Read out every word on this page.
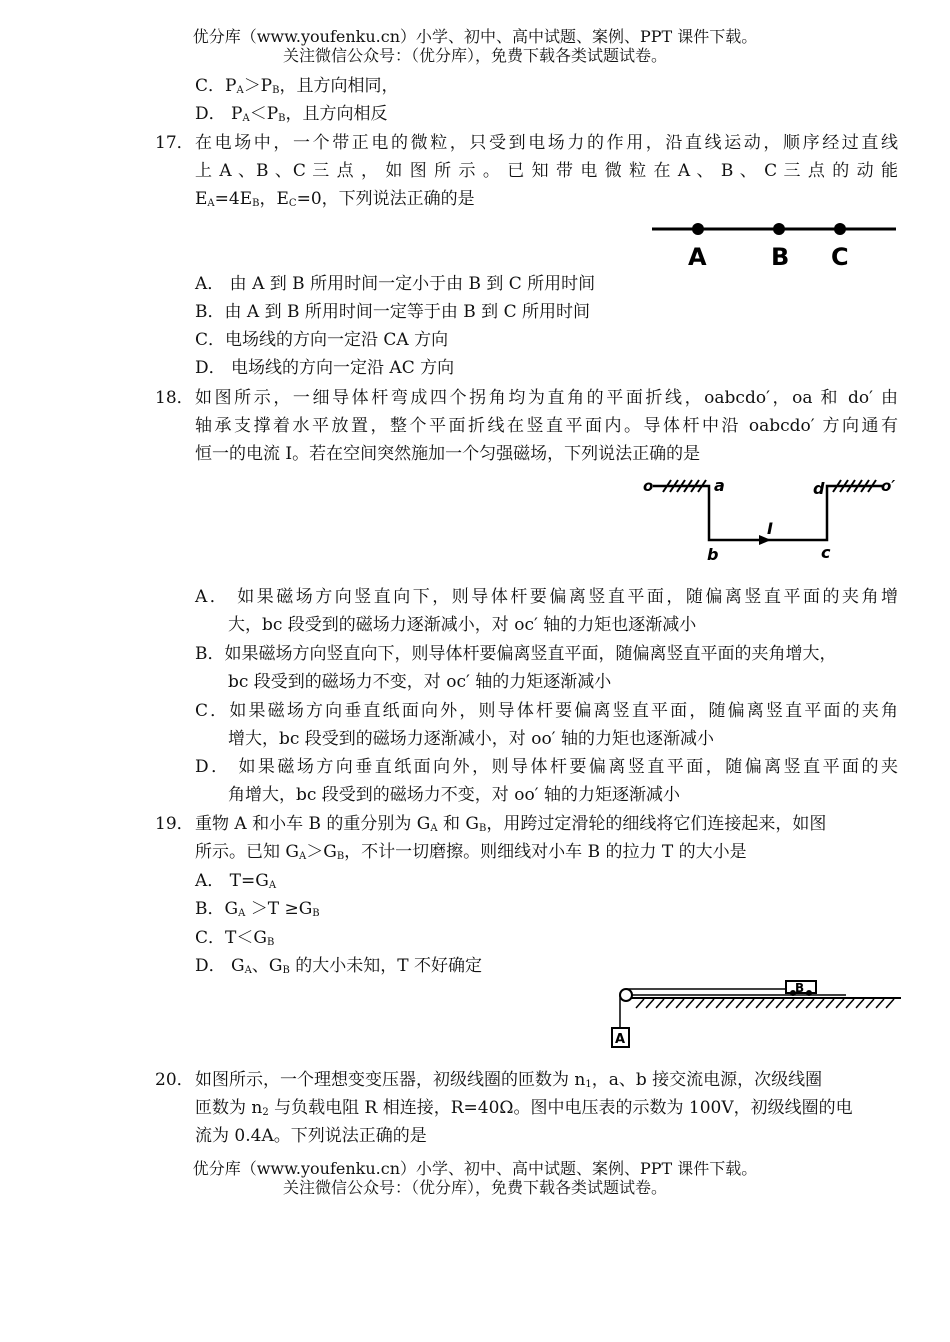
优分库（www.youfenku.cn）小学、初中、高中试题、案例、PPT 课件下载。
关注微信公众号：（优分库），免费下载各类试题试卷。
C．$P_A>P_B$，且方向相同，
D． $P_A<P_B$，且方向相反
17． 在电场中，一个带正电的微粒，只受到电场力的作用，沿直线运动，顺序经过直线
上 A 、B 、C 三 点 ， 如 图 所 示 。 已 知 带 电 微 粒 在 A 、 B 、 C 三 点 的 动 能
$E_A=4E_B$，$E_C=0$，下列说法正确的是
A	B C
A． 由 A 到 B 所用时间一定小于由 B 到 C 所用时间
B．由 A 到 B 所用时间一定等于由 B 到 C 所用时间
C．电场线的方向一定沿 CA 方向
D． 电场线的方向一定沿 AC 方向
18． 如图所示，一细导体杆弯成四个拐角均为直角的平面折线，oabcdo′，oa 和 do′ 由
轴承支撑着水平放置，整个平面折线在竖直平面内。导体杆中沿 oabcdo′ 方向通有
恒一的电流 I。若在空间突然施加一个匀强磁场，下列说法正确的是
o	a	d	o′
b	c
I
A． 如果磁场方向竖直向下，则导体杆要偏离竖直平面，随偏离竖直平面的夹角增
大，bc 段受到的磁场力逐渐减小，对 oc′ 轴的力矩也逐渐减小
B．如果磁场方向竖直向下，则导体杆要偏离竖直平面，随偏离竖直平面的夹角增大，
bc 段受到的磁场力不变，对 oc′ 轴的力矩逐渐减小
C．如果磁场方向垂直纸面向外，则导体杆要偏离竖直平面，随偏离竖直平面的夹角
增大，bc 段受到的磁场力逐渐减小，对 oo′ 轴的力矩也逐渐减小
D． 如果磁场方向垂直纸面向外，则导体杆要偏离竖直平面，随偏离竖直平面的夹
角增大，bc 段受到的磁场力不变，对 oo′ 轴的力矩逐渐减小
19． 重物 A 和小车 B 的重分别为 $G_A$ 和 $G_B$，用跨过定滑轮的细线将它们连接起来，如图
所示。已知 $G_A>G_B$，不计一切磨擦。则细线对小车 B 的拉力 T 的大小是
A． $T=G_A$
B．$G_A >T \ge G_B$
C．$T<G_B$
D． $G_A$、$G_B$ 的大小未知，T 不好确定
B
A
20． 如图所示，一个理想变变压器，初级线圈的匝数为 $n_1$，a、b 接交流电源，次级线圈
匝数为 $n_2$ 与负载电阻 R 相连接，R=40Ω。图中电压表的示数为 100V，初级线圈的电
流为 0.4A。下列说法正确的是
优分库（www.youfenku.cn）小学、初中、高中试题、案例、PPT 课件下载。
关注微信公众号：（优分库），免费下载各类试题试卷。
